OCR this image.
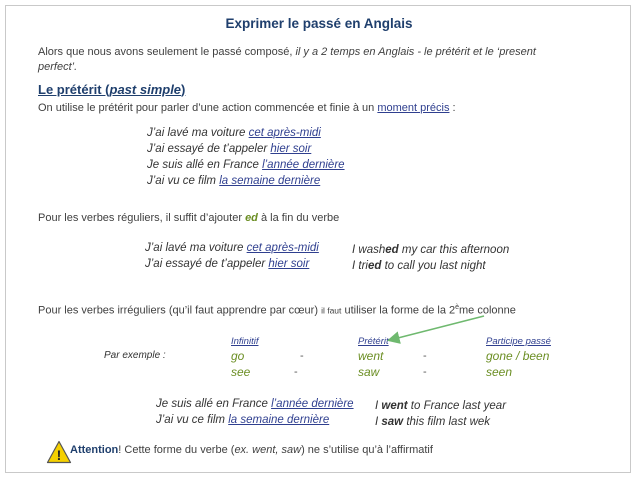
Exprimer le passé en Anglais
Alors que nous avons seulement le passé composé, il y a 2 temps en Anglais - le prétérit et le ‘present
perfect’.
Le prétérit (past simple)
On utilise le prétérit pour parler d’une action commencée et finie à un moment précis :
J’ai lavé ma voiture cet après-midi
J’ai essayé de t’appeler hier soir
Je suis allé en France l’année dernière
J’ai vu ce film la semaine dernière
Pour les verbes réguliers, il suffit d’ajouter ed à la fin du verbe
J’ai lavé ma voiture cet après-midi	I washed my car this afternoon
J’ai essayé de t’appeler hier soir	I tried to call you last night
Pour les verbes irréguliers (qu’il faut apprendre par cœur) il faut utiliser la forme de la $2^ème$ colonne
Infinitif	Prétérit	Participe passé
Par exemple :	go	-	went	-	gone / been
see	-	saw	-	seen
Je suis allé en France l’année dernière I went to France last year
J’ai vu ce film la semaine dernière	I saw this film last wek
! Attention! Cette forme du verbe (ex. went, saw) ne s’utilise qu’à l’affirmatif
